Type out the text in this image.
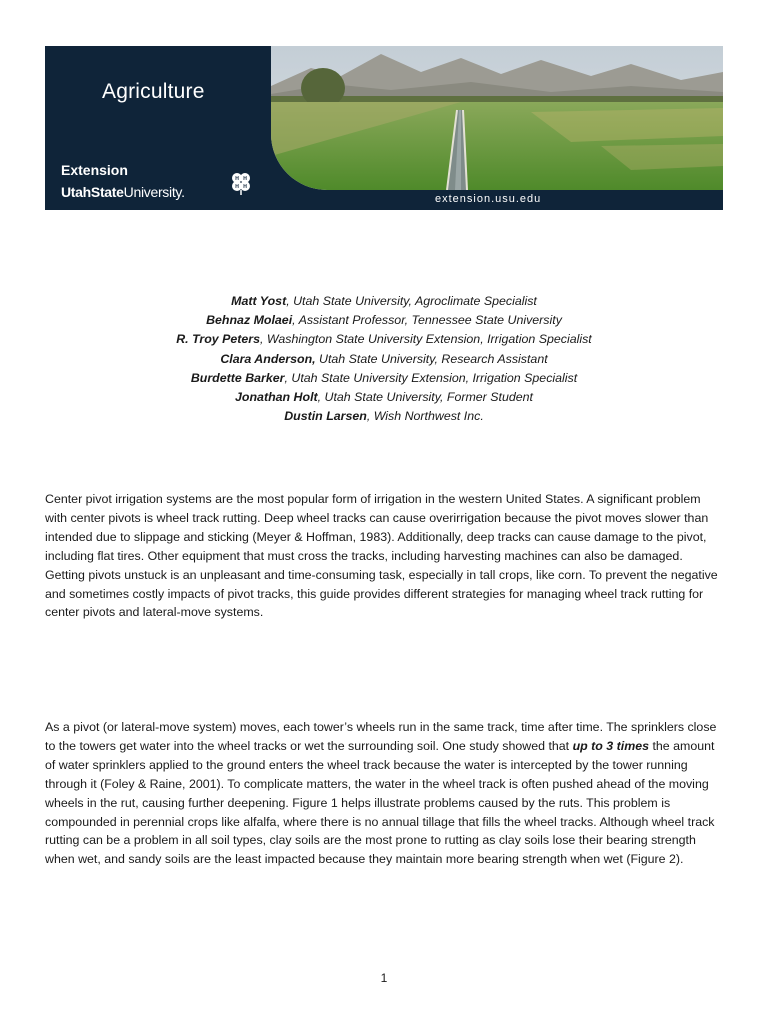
Agriculture
Extension
UtahStateUniversity.
H H
H H
extension.usu.edu
Matt Yost, Utah State University, Agroclimate Specialist
Behnaz Molaei, Assistant Professor, Tennessee State University
R. Troy Peters, Washington State University Extension, Irrigation Specialist
Clara Anderson, Utah State University, Research Assistant
Burdette Barker, Utah State University Extension, Irrigation Specialist
Jonathan Holt, Utah State University, Former Student
Dustin Larsen, Wish Northwest Inc.

Center pivot irrigation systems are the most popular form of irrigation in the western United States. A significant problem with center pivots is wheel track rutting. Deep wheel tracks can cause overirrigation because the pivot moves slower than intended due to slippage and sticking (Meyer & Hoffman, 1983). Additionally, deep tracks can cause damage to the pivot, including flat tires. Other equipment that must cross the tracks, including harvesting machines can also be damaged. Getting pivots unstuck is an unpleasant and time-consuming task, especially in tall crops, like corn. To prevent the negative and sometimes costly impacts of pivot tracks, this guide provides different strategies for managing wheel track rutting for center pivots and lateral-move systems.

As a pivot (or lateral-move system) moves, each tower’s wheels run in the same track, time after time. The sprinklers close to the towers get water into the wheel tracks or wet the surrounding soil. One study showed that up to 3 times the amount of water sprinklers applied to the ground enters the wheel track because the water is intercepted by the tower running through it (Foley & Raine, 2001). To complicate matters, the water in the wheel track is often pushed ahead of the moving wheels in the rut, causing further deepening. Figure 1 helps illustrate problems caused by the ruts. This problem is compounded in perennial crops like alfalfa, where there is no annual tillage that fills the wheel tracks. Although wheel track rutting can be a problem in all soil types, clay soils are the most prone to rutting as clay soils lose their bearing strength when wet, and sandy soils are the least impacted because they maintain more bearing strength when wet (Figure 2).

1
